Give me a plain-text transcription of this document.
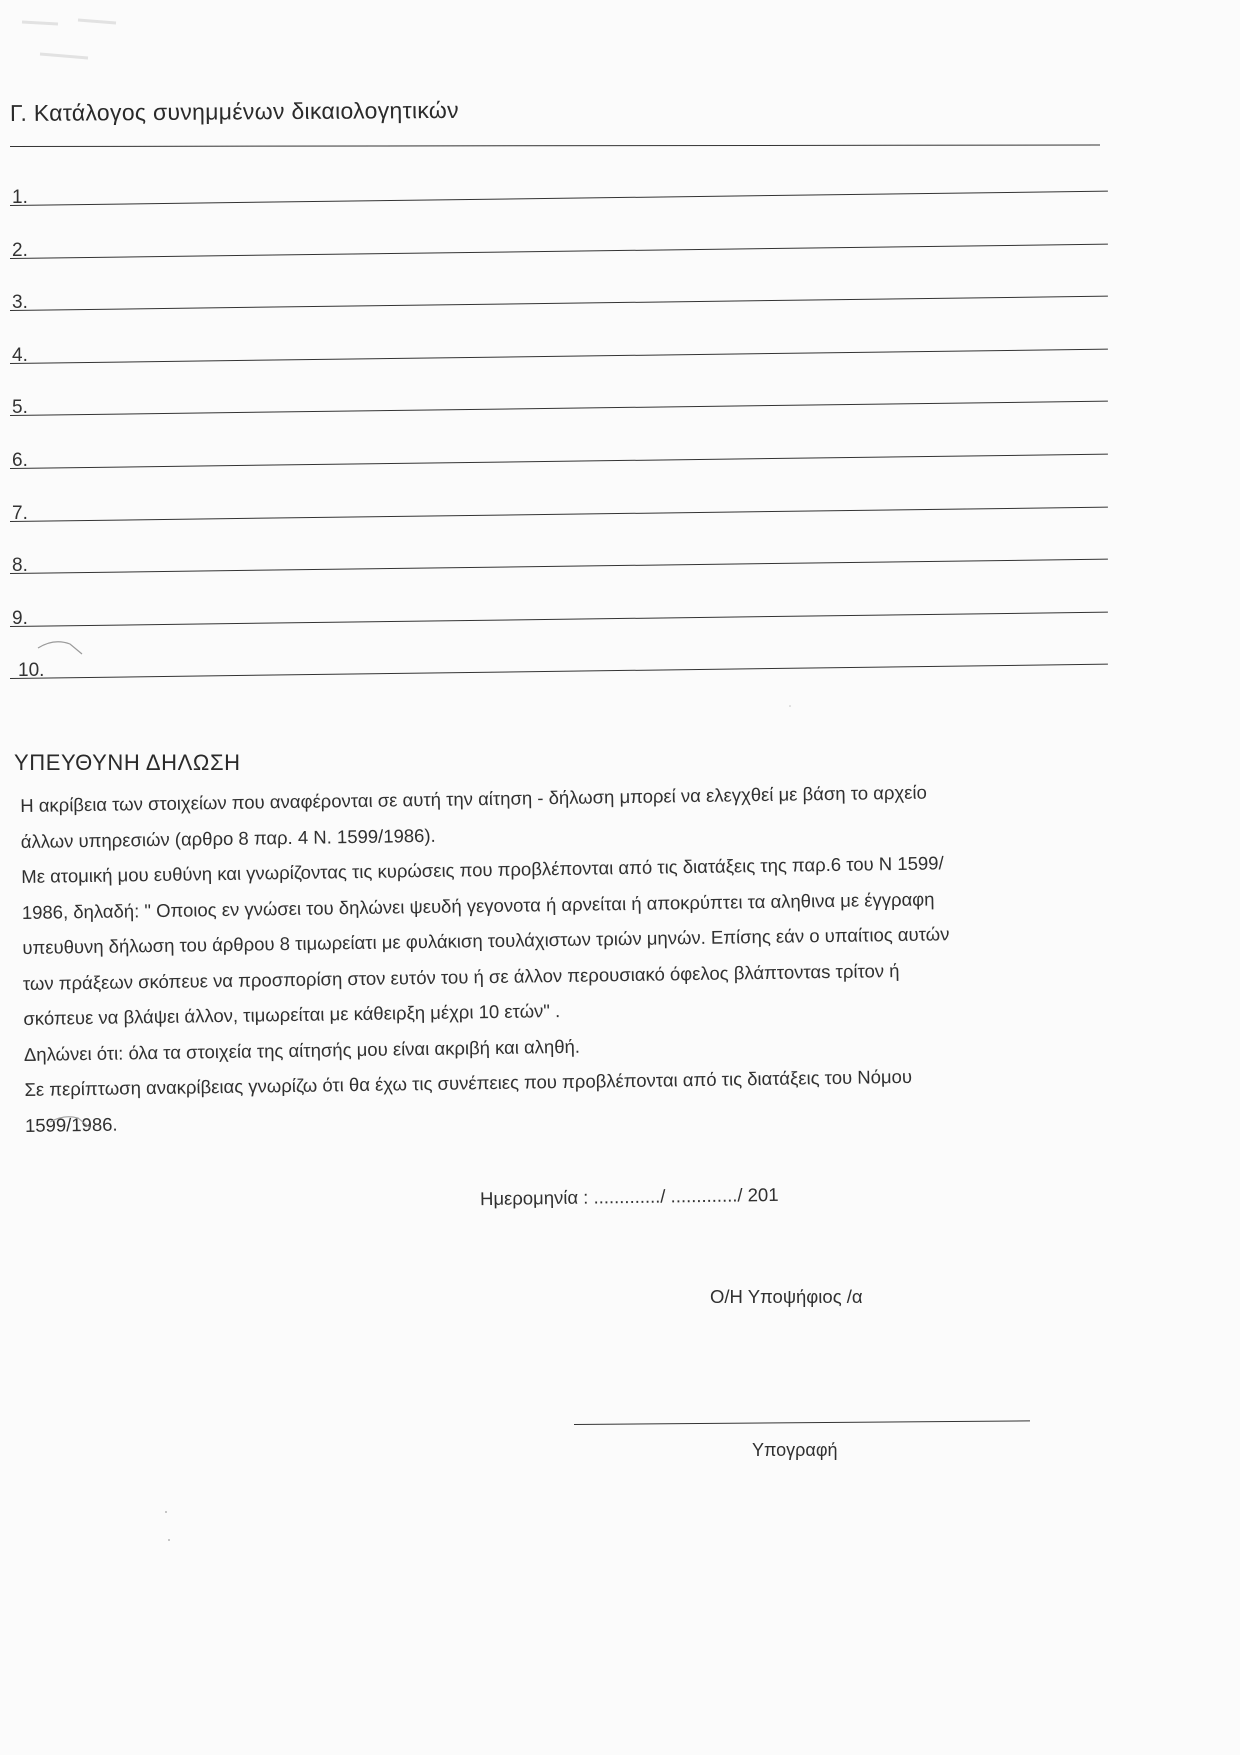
Γ. Κατάλογος συνημμένων δικαιολογητικών
1.
2.
3.
4.
5.
6.
7.
8.
9.
10.
ΥΠΕΥΘΥΝΗ ΔΗΛΩΣΗ

Η ακρίβεια των στοιχείων που αναφέρονται σε αυτή την αίτηση - δήλωση μπορεί να ελεγχθεί με βάση το αρχείο

άλλων υπηρεσιών (αρθρο 8 παρ. 4 Ν. 1599/1986).

Με ατομική μου ευθύνη και γνωρίζοντας τις κυρώσεις που προβλέπονται από τις διατάξεις της παρ.6 του Ν 1599/

1986, δηλαδή: " Οποιος εν γνώσει του δηλώνει ψευδή γεγονοτα ή αρνείται ή αποκρύπτει τα αληθινα με έγγραφη

υπευθυνη δήλωση του άρθρου 8 τιμωρείατι με φυλάκιση τουλάχιστων τριών μηνών. Επίσης εάν ο υπαίτιος αυτών

των πράξεων σκόπευε να προσπορίση στον ευτόν του ή σε άλλον περουσιακό όφελος βλάπτονταs τρίτον ή

σκόπευε να βλάψει άλλον, τιμωρείται με κάθειρξη μέχρι 10 ετών" .

Δηλώνει ότι: όλα τα στοιχεία της αίτησής μου είναι ακριβή και αληθή.

Σε περίπτωση ανακρίβειας γνωρίζω ότι θα έχω τις συνέπειες που προβλέπονται από τις διατάξεις του Νόμου

1599/1986.

Ημερομηνία : ............./ ............./ 201
Ο/Η Υποψήφιος /α
Υπογραφή
